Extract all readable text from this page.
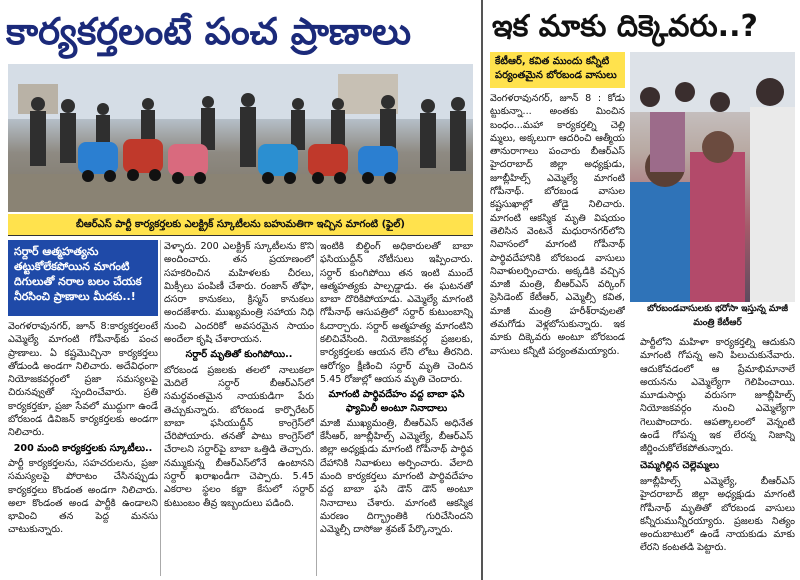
కార్యకర్తలంటే పంచ ప్రాణాలు
బీఆర్ఎస్ పార్టీ కార్యకర్తలకు ఎలక్ట్రిక్ స్కూటీలను బహుమతిగా ఇచ్చిన మాగంటి (ఫైల్)
సర్దార్ ఆత్మహత్యను తట్టుకోలేకపోయిన మాగంటి దిగులుతో నరాల బలం చేయక నీరసించి ప్రాణాలు మీదకు..!
వెంగళరావునగర్, జూన్ 8:కార్యకర్తలంటే ఎమ్మెల్యే మాగంటి గోపీనాథ్‌కు పంచ ప్రాణాలు. ఏ కష్టమొచ్చినా కార్యకర్తలు తోడుండి అండగా నిలిచారు. అదేవిధంగా నియోజకవర్గంలో ప్రజా సమస్యలపై చిరునవ్వుతో స్పందించేవారు. ప్రతి కార్యకర్తకూ, ప్రజా సేవలో ముద్దుగా ఉండే బోరబండ డివిజన్ కార్యకర్తలకు అండగా నిలిచారు.
200 మంది కార్యకర్తలకు స్కూటీలు..
పార్టీ కార్యకర్తలను, సహచరులను, ప్రజా సమస్యలపై పోరాటం చేసినప్పుడు కార్యకర్తలు కొండంత అండగా నిలిచారు. అలా కొండంత అండ పార్టీకి ఉండాలని భావించి తన పెద్ద మనసు చాటుకున్నారు.
వెళ్ళారు. 200 ఎలక్ట్రిక్ స్కూటీలను కొని అందించారు. తన ప్రయాణంలో సహకరించిన మహిళలకు చీరలు, మిక్సీలు పంపిణీ చేశారు. రంజాన్ తోఫా, దసరా కానుకలు, క్రిస్మస్ కానుకలు అందజేశారు. ముఖ్యమంత్రి సహాయ నిధి నుంచి ఎందరికో అవసరమైన సాయం అందేలా కృషి చేశారాయన.
సర్దార్ మృతితో కుంగిపోయి..
బోరబండ ప్రజలకు తలలో నాలుకలా మెదిలే సర్దార్ బీఆర్ఎస్‌లో సమర్థవంతమైన నాయకుడిగా పేరు తెచ్చుకున్నారు. బోరబండ కార్పొరేటర్ బాబా ఫసియుద్దీన్ కాంగ్రెస్‌లో చేరిపోయారు. తనతో పాటు కాంగ్రెస్‌లో చేరాలని సర్దార్‌పై బాబా ఒత్తిడి తెచ్చారు. నమ్ముకున్న బీఆర్ఎస్‌లోనే ఉంటానని సర్దార్ ఖరాఖండీగా చెప్పారు. 5.45 ఎకరాల స్థలం కబ్జా కేసులో సర్దార్ కుటుంబం తీవ్ర ఇబ్బందులు పడింది.
ఇంటికి బిల్డింగ్ అధికారులతో బాబా ఫసియుద్దీన్ నోటీసులు ఇప్పించారు. సర్దార్ కుంగిపోయి తన ఇంటి ముందే ఆత్మహత్యకు పాల్పడ్డాడు. ఈ ఘటనతో బాబా దొరికిపోయాడు. ఎమ్మెల్యే మాగంటి గోపీనాథ్ ఆసుపత్రిలో సర్దార్ కుటుంబాన్ని ఓదార్చారు. సర్దార్ అత్మహత్య మాగంటిని కలిచివేసింది. నియోజకవర్గ ప్రజలకు, కార్యకర్తలకు ఆయన లేని లోటు తీరనిది. ఆరోగ్యం క్షీణించి సర్దార్ మృతి చెందిన 5.45 రోజుల్లో ఆయన మృతి చెందారు.
మాగంటి పార్థివదేహం వద్ద బాబా ఫసి ఫ్యామిలీ అంటూ నినాదాలు
మాజీ ముఖ్యమంత్రి, బీఆర్ఎస్ అధినేత కేసీఆర్, జూబ్లీహిల్స్ ఎమ్మెల్యే, బీఆర్ఎస్ జిల్లా అధ్యక్షుడు మాగంటి గోపీనాథ్ పార్థివ దేహానికి నివాళులు అర్పించారు. వేలాది మంది కార్యకర్తలు మాగంటి పార్థివదేహం వద్ద బాబా ఫసి డౌన్ డౌన్ అంటూ నినాదాలు చేశారు. మాగంటి ఆకస్మిక మరణం దిగ్భ్రాంతికి గురిచేసిందని ఎమ్మెల్సీ దాసోజు శ్రవణ్ పేర్కొన్నారు.
ఇక మాకు దిక్కెవరు..?
కేటీఆర్, కవిత ముందు కన్నీటి పర్యంతమైన బోరబండ వాసులు
బోరబండవాసులకు భరోసా ఇస్తున్న మాజీ మంత్రి కేటీఆర్
వెంగళరావునగర్, జూన్ 8 : కోడు ట్టుకున్నా... అంతకు మించిన బంధం...మహా కార్యకర్తల్ని చెల్లి మ్మలు, అక్కలుగా ఆదరించి ఆత్మీయ తానురాగాలు పంచారు బీఆర్ఎస్ హైదరాబాద్ జిల్లా అధ్యక్షుడు, జూబ్లీహిల్స్ ఎమ్మెల్యే మాగంటి గోపీనాథ్. బోరబండ వాసుల కష్టసుఖాల్లో తోడై నిలిచారు. మాగంటి ఆకస్మిక మృతి విషయం తెలిసిన వెంటనే మధురానగర్‌లోని నివాసంలో మాగంటి గోపీనాథ్ పార్థివదేహానికి బోరబండ వాసులు నివాళులర్పించారు. అక్కడికి వచ్చిన మాజీ మంత్రి, బీఆర్ఎస్ వర్కింగ్ ప్రెసిడెంట్ కేటీఆర్, ఎమ్మెల్సీ కవిత, మాజీ మంత్రి హరీశ్‌రావులతో తమగోడు వెళ్లబోసుకున్నారు. ఇక మాకు దిక్కెవరు అంటూ బోరబండ వాసులు కన్నీటి పర్యంతమయ్యారు.
పార్టీలోని మహిళా కార్యకర్తల్ని ఆదుకుని మాగంటి గోపన్న అని పిలుచుకునేవారు. ఆదుకోవడంలో ఆ ప్రేమాభిమానాలే అయనను ఎమ్మెల్యేగా గెలిపించాయి. మూడుసార్లు వరుసగా జూబ్లీహిల్స్ నియోజకవర్గం నుంచి ఎమ్మెల్యేగా గెలుపొందారు. ఆపత్కాలంలో వెన్నంటి ఉండే గోపన్న ఇక లేరన్న నిజాన్ని జీర్ణించుకోలేకపోతున్నారు.
చెమ్మగిల్లిన చెల్లెమ్మలు
జూబ్లీహిల్స్ ఎమ్మెల్యే, బీఆర్ఎస్ హైదరాబాద్ జిల్లా అధ్యక్షుడు మాగంటి గోపీనాథ్ మృతితో బోరబండ వాసులు కన్నీరుమున్నీరయ్యారు. ప్రజలకు నిత్యం అందుబాటులో ఉండే నాయకుడు మాకు లేరని కంటతడి పెట్టారు.
